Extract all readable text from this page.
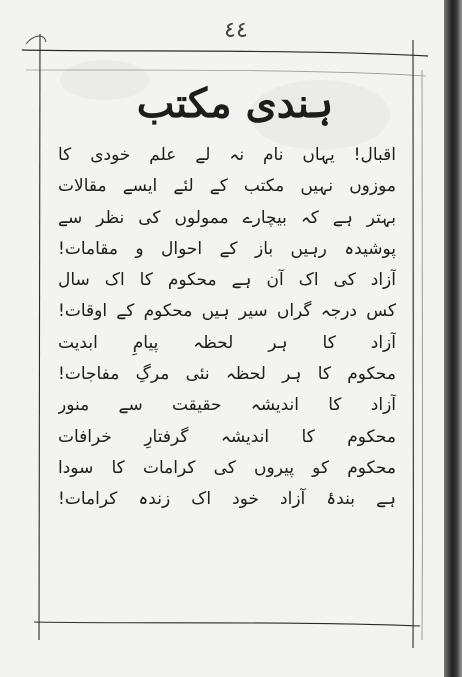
٤٤
ہندی مکتب
اقبال! یہاں نام نہ لے علم خودی کا
موزوں نہیں مکتب کے لئے ایسے مقالات
بہتر ہے کہ بیچارے ممولوں کی نظر سے
پوشیدہ رہیں باز کے احوال و مقامات!
آزاد کی اک آن ہے محکوم کا اک سال
کس درجہ گراں سیر ہیں محکوم کے اوقات!
آزاد کا ہر لحظہ پیامِ ابدیت
محکوم کا ہر لحظہ نئی مرگِ مفاجات!
آزاد کا اندیشہ حقیقت سے منور
محکوم کا اندیشہ گرفتارِ خرافات
محکوم کو پیروں کی کرامات کا سودا
ہے بندۂ آزاد خود اک زندہ کرامات!
